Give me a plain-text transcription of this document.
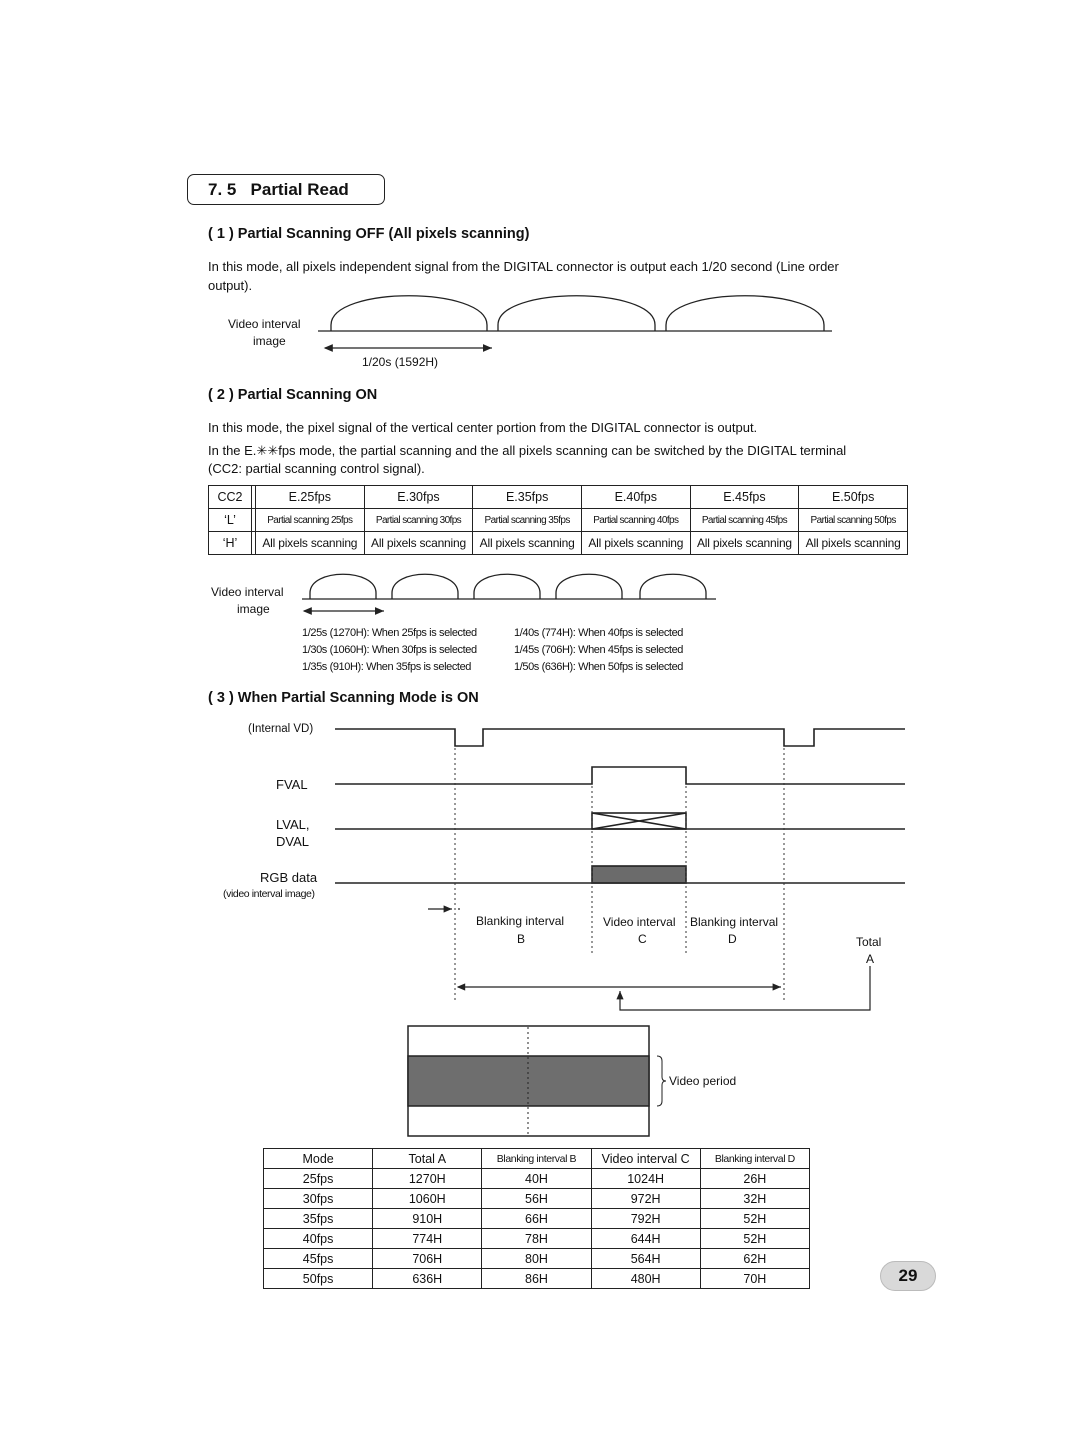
7. 5   Partial Read
( 1 ) Partial Scanning OFF (All pixels scanning)
In this mode, all pixels independent signal from the DIGITAL connector is output each 1/20 second (Line order
output).
Video interval
image
1/20s (1592H)
( 2 ) Partial Scanning ON
In this mode, the pixel signal of the vertical center portion from the DIGITAL connector is output.
In the E.✳✳fps mode, the partial scanning and the all pixels scanning can be switched by the DIGITAL terminal
(CC2: partial scanning control signal).
CC2		E.25fps	E.30fps	E.35fps	E.40fps	E.45fps	E.50fps
‘L’		Partial scanning 25fps	Partial scanning 30fps	Partial scanning 35fps	Partial scanning 40fps	Partial scanning 45fps	Partial scanning 50fps
‘H’		All pixels scanning	All pixels scanning	All pixels scanning	All pixels scanning	All pixels scanning	All pixels scanning
Video interval
image
1/25s (1270H): When 25fps is selected
1/30s (1060H): When 30fps is selected
1/35s (910H): When 35fps is selected
1/40s (774H): When 40fps is selected
1/45s (706H): When 45fps is selected
1/50s (636H): When 50fps is selected
( 3 ) When Partial Scanning Mode is ON
(Internal VD)
FVAL
LVAL,
DVAL
RGB data
(video interval image)
Blanking interval
B
Video interval
C
Blanking interval
D	Total
A
Video period
Mode	Total A	Blanking interval B	Video interval C	Blanking interval D
25fps	1270H	40H	1024H	26H
30fps	1060H	56H	972H	32H
35fps	910H	66H	792H	52H
40fps	774H	78H	644H	52H
45fps	706H	80H	564H	62H
50fps	636H	86H	480H	70H	29
